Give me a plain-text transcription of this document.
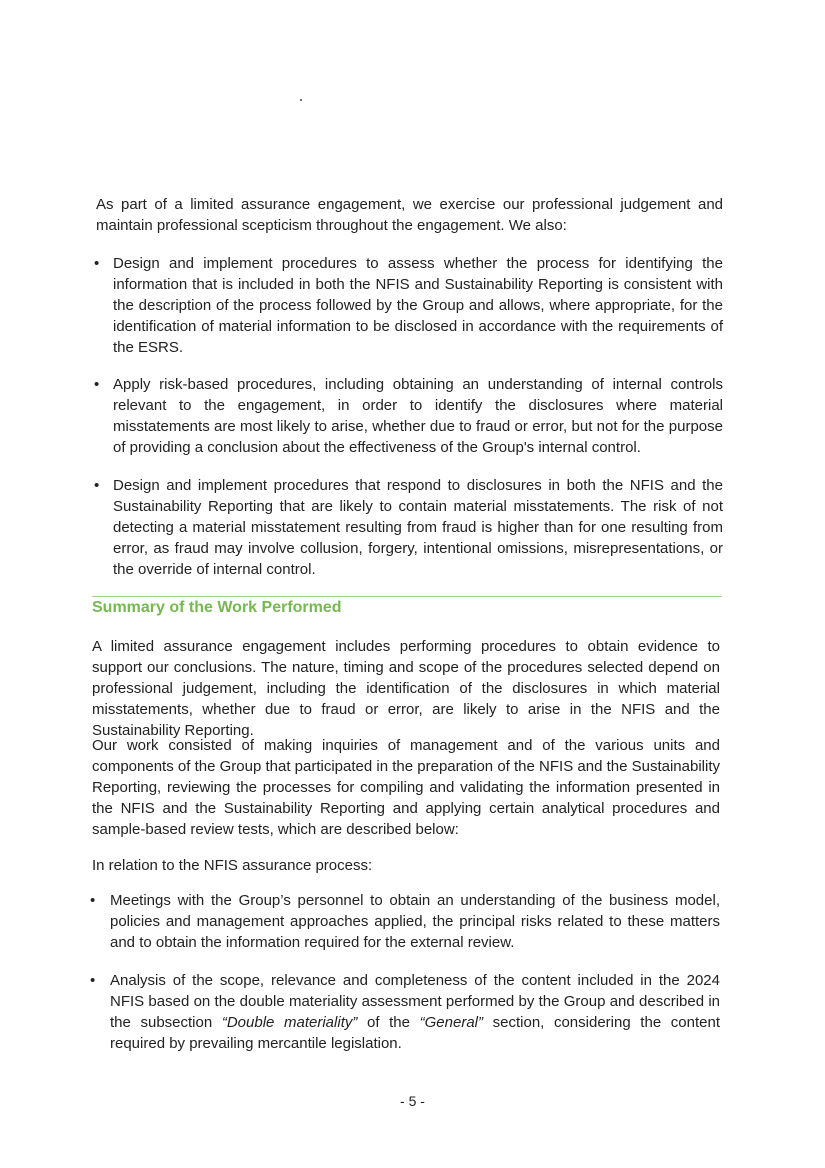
As part of a limited assurance engagement, we exercise our professional judgement and maintain professional scepticism throughout the engagement. We also:

• Design and implement procedures to assess whether the process for identifying the information that is included in both the NFIS and Sustainability Reporting is consistent with the description of the process followed by the Group and allows, where appropriate, for the identification of material information to be disclosed in accordance with the requirements of the ESRS.

• Apply risk-based procedures, including obtaining an understanding of internal controls relevant to the engagement, in order to identify the disclosures where material misstatements are most likely to arise, whether due to fraud or error, but not for the purpose of providing a conclusion about the effectiveness of the Group's internal control.

• Design and implement procedures that respond to disclosures in both the NFIS and the Sustainability Reporting that are likely to contain material misstatements. The risk of not detecting a material misstatement resulting from fraud is higher than for one resulting from error, as fraud may involve collusion, forgery, intentional omissions, misrepresentations, or the override of internal control.

Summary of the Work Performed

A limited assurance engagement includes performing procedures to obtain evidence to support our conclusions. The nature, timing and scope of the procedures selected depend on professional judgement, including the identification of the disclosures in which material misstatements, whether due to fraud or error, are likely to arise in the NFIS and the Sustainability Reporting.

Our work consisted of making inquiries of management and of the various units and components of the Group that participated in the preparation of the NFIS and the Sustainability Reporting, reviewing the processes for compiling and validating the information presented in the NFIS and the Sustainability Reporting and applying certain analytical procedures and sample-based review tests, which are described below:

In relation to the NFIS assurance process:

• Meetings with the Group’s personnel to obtain an understanding of the business model, policies and management approaches applied, the principal risks related to these matters and to obtain the information required for the external review.

• Analysis of the scope, relevance and completeness of the content included in the 2024 NFIS based on the double materiality assessment performed by the Group and described in the subsection “Double materiality” of the “General” section, considering the content required by prevailing mercantile legislation.

- 5 -
